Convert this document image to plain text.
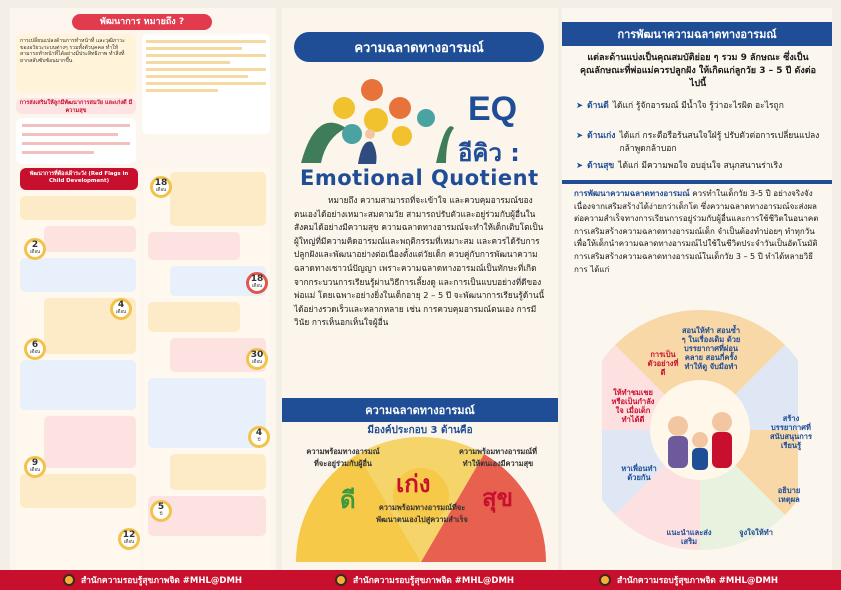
พัฒนาการ หมายถึง ?
การเปลี่ยนแปลงด้านการทำหน้าที่ และวุฒิภาวะของอวัยวะระบบต่างๆ รวมทั้งตัวบุคคล ทำให้สามารถทำหน้าที่ได้อย่างมีประสิทธิภาพ ทำสิ่งที่ยากสลับซับซ้อนมากขึ้น
การส่งเสริมให้ลูกมีพัฒนาการสมวัย และเก่งดี มีความสุข
พัฒนาการที่ต้องเฝ้าระวัง (Red Flags in Child Development)
2
เดือน
4
เดือน
6
เดือน
9
เดือน
12
เดือน
18
เดือน
18
เดือน
30
เดือน
4
ปี
5
ปี
ความฉลาดทางอารมณ์
EQ
อีคิว :
Emotional Quotient
หมายถึง ความสามารถที่จะเข้าใจ และควบคุมอารมณ์ของตนเองได้อย่างเหมาะสมตามวัย สามารถปรับตัวและอยู่ร่วมกับผู้อื่นในสังคมได้อย่างมีความสุข ความฉลาดทางอารมณ์จะทำให้เด็กเติบโตเป็นผู้ใหญ่ที่มีความคิดอารมณ์และพฤติกรรมที่เหมาะสม และควรได้รับการปลูกฝังและพัฒนาอย่างต่อเนื่องตั้งแต่วัยเด็ก ควบคู่กับการพัฒนาความฉลาดทางเชาวน์ปัญญา เพราะความฉลาดทางอารมณ์เป็นทักษะที่เกิดจากกระบวนการเรียนรู้ผ่านวิธีการเลี้ยงดู และการเป็นแบบอย่างที่ดีของพ่อแม่ โดยเฉพาะอย่างยิ่งในเด็กอายุ 2 – 5 ปี จะพัฒนาการเรียนรู้ด้านนี้ได้อย่างรวดเร็วและหลากหลาย เช่น การควบคุมอารมณ์ตนเอง การมีวินัย การเห็นอกเห็นใจผู้อื่น
ความฉลาดทางอารมณ์
มีองค์ประกอบ 3 ด้านคือ
ความพร้อมทางอารมณ์ที่จะอยู่ร่วมกับผู้อื่น
ดี
ความพร้อมทางอารมณ์ที่ทำให้ตนเองมีความสุข
สุข
เก่ง
ความพร้อมทางอารมณ์ที่จะพัฒนาตนเองไปสู่ความสำเร็จ
การพัฒนาความฉลาดทางอารมณ์
แต่ละด้านแบ่งเป็นคุณสมบัติย่อย ๆ รวม 9 ลักษณะ ซึ่งเป็นคุณลักษณะที่พ่อแม่ควรปลูกฝัง ให้เกิดแก่ลูกวัย 3 – 5 ปี ดังต่อไปนี้
➤ ด้านดี ได้แก่ รู้จักอารมณ์ มีน้ำใจ รู้ว่าอะไรผิด อะไรถูก
➤ ด้านเก่ง ได้แก่ กระตือรือร้นสนใจใฝ่รู้ ปรับตัวต่อการเปลี่ยนแปลง กล้าพูดกล้าบอก
➤ ด้านสุข ได้แก่ มีความพอใจ อบอุ่นใจ สนุกสนานร่าเริง
การพัฒนาความฉลาดทางอารมณ์ ควรทำในเด็กวัย 3-5 ปี อย่างจริงจัง เนื่องจากเสริมสร้างได้ง่ายกว่าเด็กโต ซึ่งความฉลาดทางอารมณ์จะส่งผลต่อความสำเร็จทางการเรียนการอยู่ร่วมกับผู้อื่นและการใช้ชีวิตในอนาคต การเสริมสร้างความฉลาดทางอารมณ์เด็ก จำเป็นต้องทำบ่อยๆ ทำทุกวัน เพื่อให้เด็กนำความฉลาดทางอารมณ์ไปใช้ในชีวิตประจำวันเป็นอัตโนมัติ การเสริมสร้างความฉลาดทางอารมณ์ในเด็กวัย 3 – 5 ปี ทำได้หลายวิธีการ ได้แก่
สอนให้ทำ สอนซ้ำ ๆ ในเรื่องเดิม ด้วยบรรยากาศที่ผ่อนคลาย สอนกี่ครั้งทำให้ดู จับมือทำ
สร้างบรรยากาศที่สนับสนุนการเรียนรู้
อธิบายเหตุผล
จูงใจให้ทำ
แนะนำและส่งเสริม
หาเพื่อนทำด้วยกัน
ให้ทำชมเชย หรือเป็นกำลังใจ เมื่อเด็กทำได้ดี
การเป็นตัวอย่างที่ดี
สำนักความรอบรู้สุขภาพจิต #MHL@DMH	สำนักความรอบรู้สุขภาพจิต #MHL@DMH	สำนักความรอบรู้สุขภาพจิต #MHL@DMH
